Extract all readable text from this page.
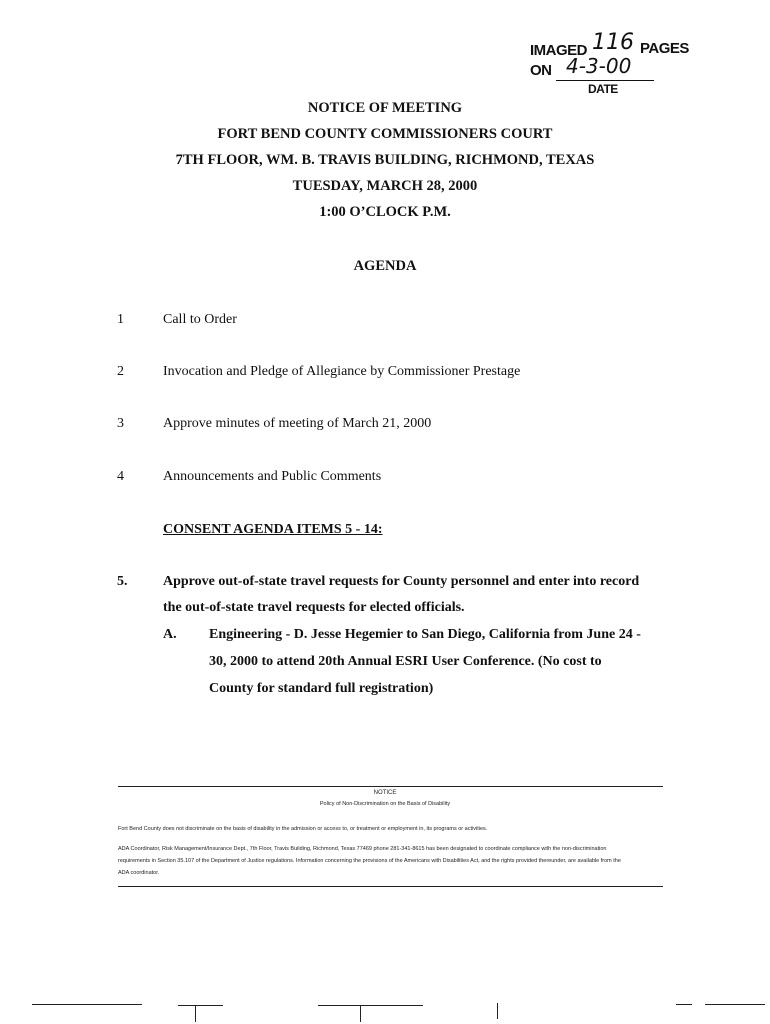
IMAGED 116 PAGES
ON 4-3-00
DATE
NOTICE OF MEETING
FORT BEND COUNTY COMMISSIONERS COURT
7TH FLOOR, WM. B. TRAVIS BUILDING, RICHMOND, TEXAS
TUESDAY, MARCH 28, 2000
1:00 O’CLOCK P.M.
AGENDA
1	Call to Order
2	Invocation and Pledge of Allegiance by Commissioner Prestage
3	Approve minutes of meeting of March 21, 2000
4	Announcements and Public Comments
CONSENT AGENDA ITEMS 5 - 14:
5.	Approve out-of-state travel requests for County personnel and enter into record
the out-of-state travel requests for elected officials.
A. Engineering - D. Jesse Hegemier to San Diego, California from June 24 -
30, 2000 to attend 20th Annual ESRI User Conference. (No cost to
County for standard full registration)
NOTICE
Policy of Non-Discrimination on the Basis of Disability
Fort Bend County does not discriminate on the basis of disability in the admission or access to, or treatment or employment in, its programs or activities.
ADA Coordinator, Risk Management/Insurance Dept., 7th Floor, Travis Building, Richmond, Texas 77469 phone 281-341-8615 has been designated to coordinate compliance with the non-discrimination
requirements in Section 35.107 of the Department of Justice regulations. Information concerning the provisions of the Americans with Disabilities Act, and the rights provided thereunder, are available from the
ADA coordinator.
